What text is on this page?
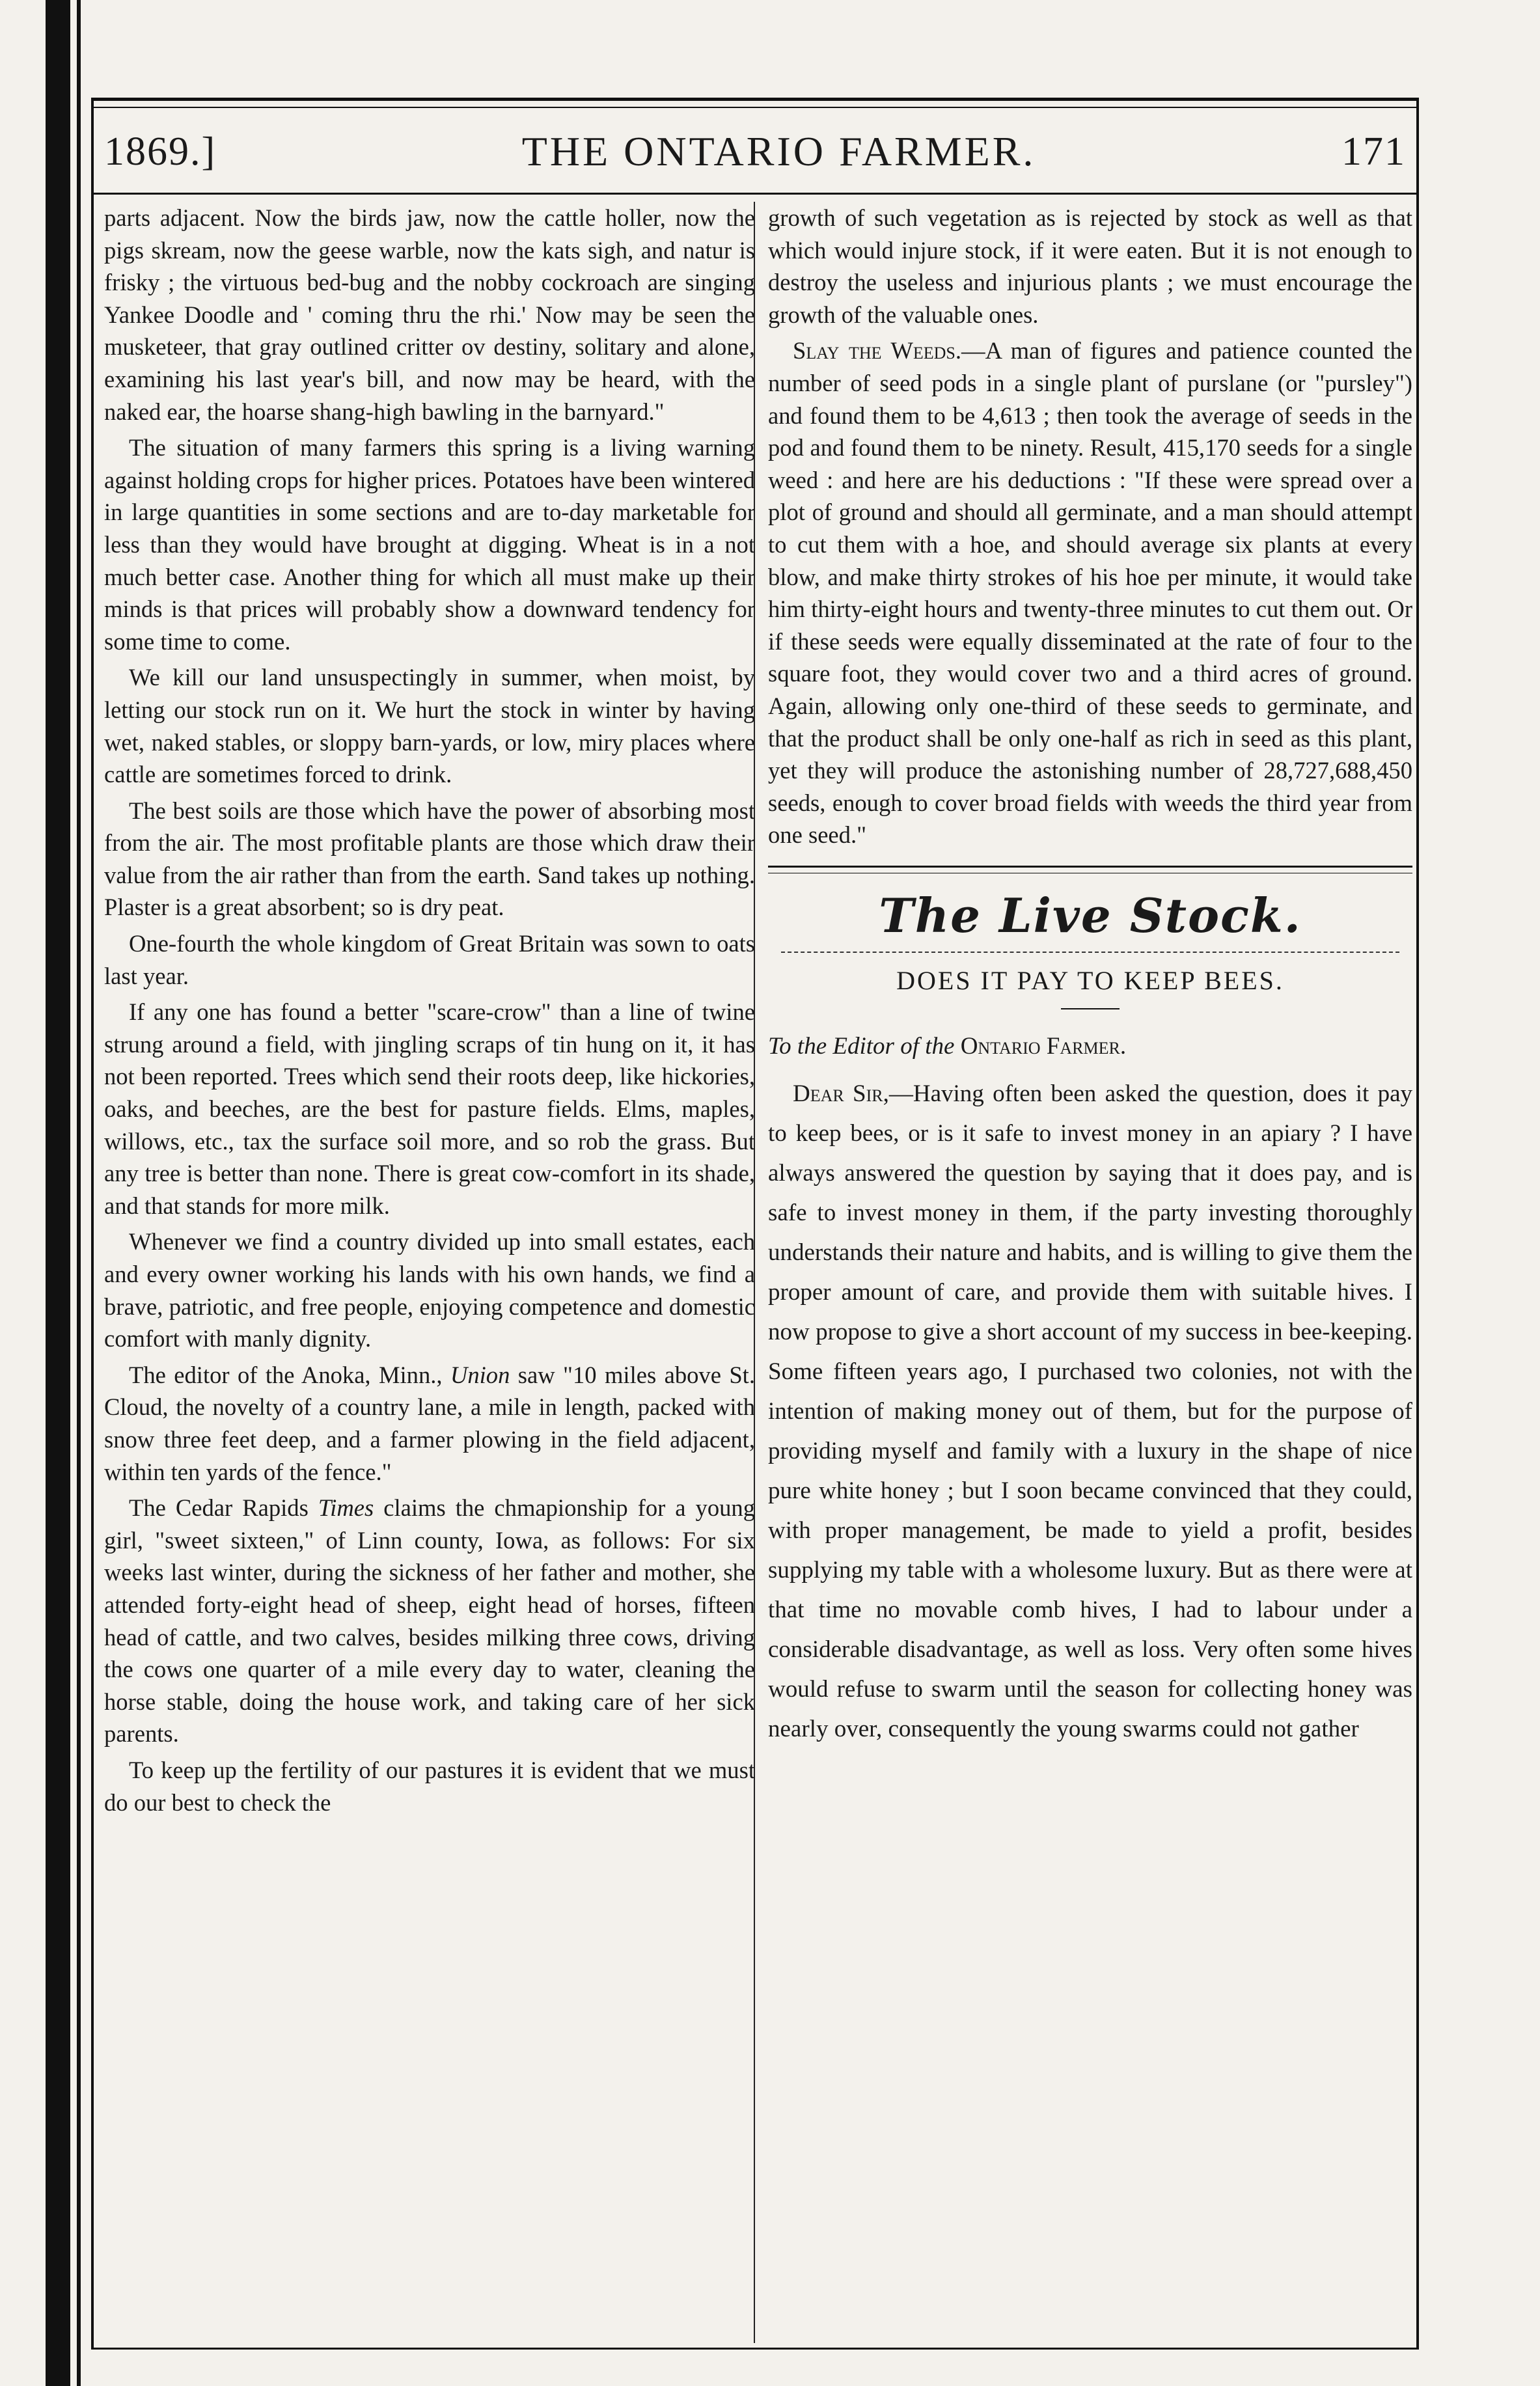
1869.]	THE ONTARIO FARMER.	171

parts adjacent. Now the birds jaw, now the cattle holler, now the pigs skream, now the geese warble, now the kats sigh, and natur is frisky ; the virtuous bed-bug and the nobby cockroach are singing Yankee Doodle and ' coming thru the rhi.' Now may be seen the musketeer, that gray outlined critter ov destiny, solitary and alone, examining his last year's bill, and now may be heard, with the naked ear, the hoarse shang-high bawling in the barnyard."

The situation of many farmers this spring is a living warning against holding crops for higher prices. Potatoes have been wintered in large quantities in some sections and are to-day marketable for less than they would have brought at digging. Wheat is in a not much better case. Another thing for which all must make up their minds is that prices will probably show a downward tendency for some time to come.

We kill our land unsuspectingly in summer, when moist, by letting our stock run on it. We hurt the stock in winter by having wet, naked stables, or sloppy barn-yards, or low, miry places where cattle are sometimes forced to drink.

The best soils are those which have the power of absorbing most from the air. The most profitable plants are those which draw their value from the air rather than from the earth. Sand takes up nothing. Plaster is a great absorbent; so is dry peat.

One-fourth the whole kingdom of Great Britain was sown to oats last year.

If any one has found a better "scare-crow" than a line of twine strung around a field, with jingling scraps of tin hung on it, it has not been reported. Trees which send their roots deep, like hickories, oaks, and beeches, are the best for pasture fields. Elms, maples, willows, etc., tax the surface soil more, and so rob the grass. But any tree is better than none. There is great cow-comfort in its shade, and that stands for more milk.

Whenever we find a country divided up into small estates, each and every owner working his lands with his own hands, we find a brave, patriotic, and free people, enjoying competence and domestic comfort with manly dignity.

The editor of the Anoka, Minn., Union saw "10 miles above St. Cloud, the novelty of a country lane, a mile in length, packed with snow three feet deep, and a farmer plowing in the field adjacent, within ten yards of the fence."

The Cedar Rapids Times claims the chmapionship for a young girl, "sweet sixteen," of Linn county, Iowa, as follows: For six weeks last winter, during the sickness of her father and mother, she attended forty-eight head of sheep, eight head of horses, fifteen head of cattle, and two calves, besides milking three cows, driving the cows one quarter of a mile every day to water, cleaning the horse stable, doing the house work, and taking care of her sick parents.

To keep up the fertility of our pastures it is evident that we must do our best to check the

growth of such vegetation as is rejected by stock as well as that which would injure stock, if it were eaten. But it is not enough to destroy the useless and injurious plants ; we must encourage the growth of the valuable ones.

Slay the Weeds.—A man of figures and patience counted the number of seed pods in a single plant of purslane (or "pursley") and found them to be 4,613 ; then took the average of seeds in the pod and found them to be ninety. Result, 415,170 seeds for a single weed : and here are his deductions : "If these were spread over a plot of ground and should all germinate, and a man should attempt to cut them with a hoe, and should average six plants at every blow, and make thirty strokes of his hoe per minute, it would take him thirty-eight hours and twenty-three minutes to cut them out. Or if these seeds were equally disseminated at the rate of four to the square foot, they would cover two and a third acres of ground. Again, allowing only one-third of these seeds to germinate, and that the product shall be only one-half as rich in seed as this plant, yet they will produce the astonishing number of 28,727,688,450 seeds, enough to cover broad fields with weeds the third year from one seed."

The Live Stock.
DOES IT PAY TO KEEP BEES.

To the Editor of the Ontario Farmer.

Dear Sir,—Having often been asked the question, does it pay to keep bees, or is it safe to invest money in an apiary ? I have always answered the question by saying that it does pay, and is safe to invest money in them, if the party investing thoroughly understands their nature and habits, and is willing to give them the proper amount of care, and provide them with suitable hives. I now propose to give a short account of my success in bee-keeping. Some fifteen years ago, I purchased two colonies, not with the intention of making money out of them, but for the purpose of providing myself and family with a luxury in the shape of nice pure white honey ; but I soon became convinced that they could, with proper management, be made to yield a profit, besides supplying my table with a wholesome luxury. But as there were at that time no movable comb hives, I had to labour under a considerable disadvantage, as well as loss. Very often some hives would refuse to swarm until the season for collecting honey was nearly over, consequently the young swarms could not gather
